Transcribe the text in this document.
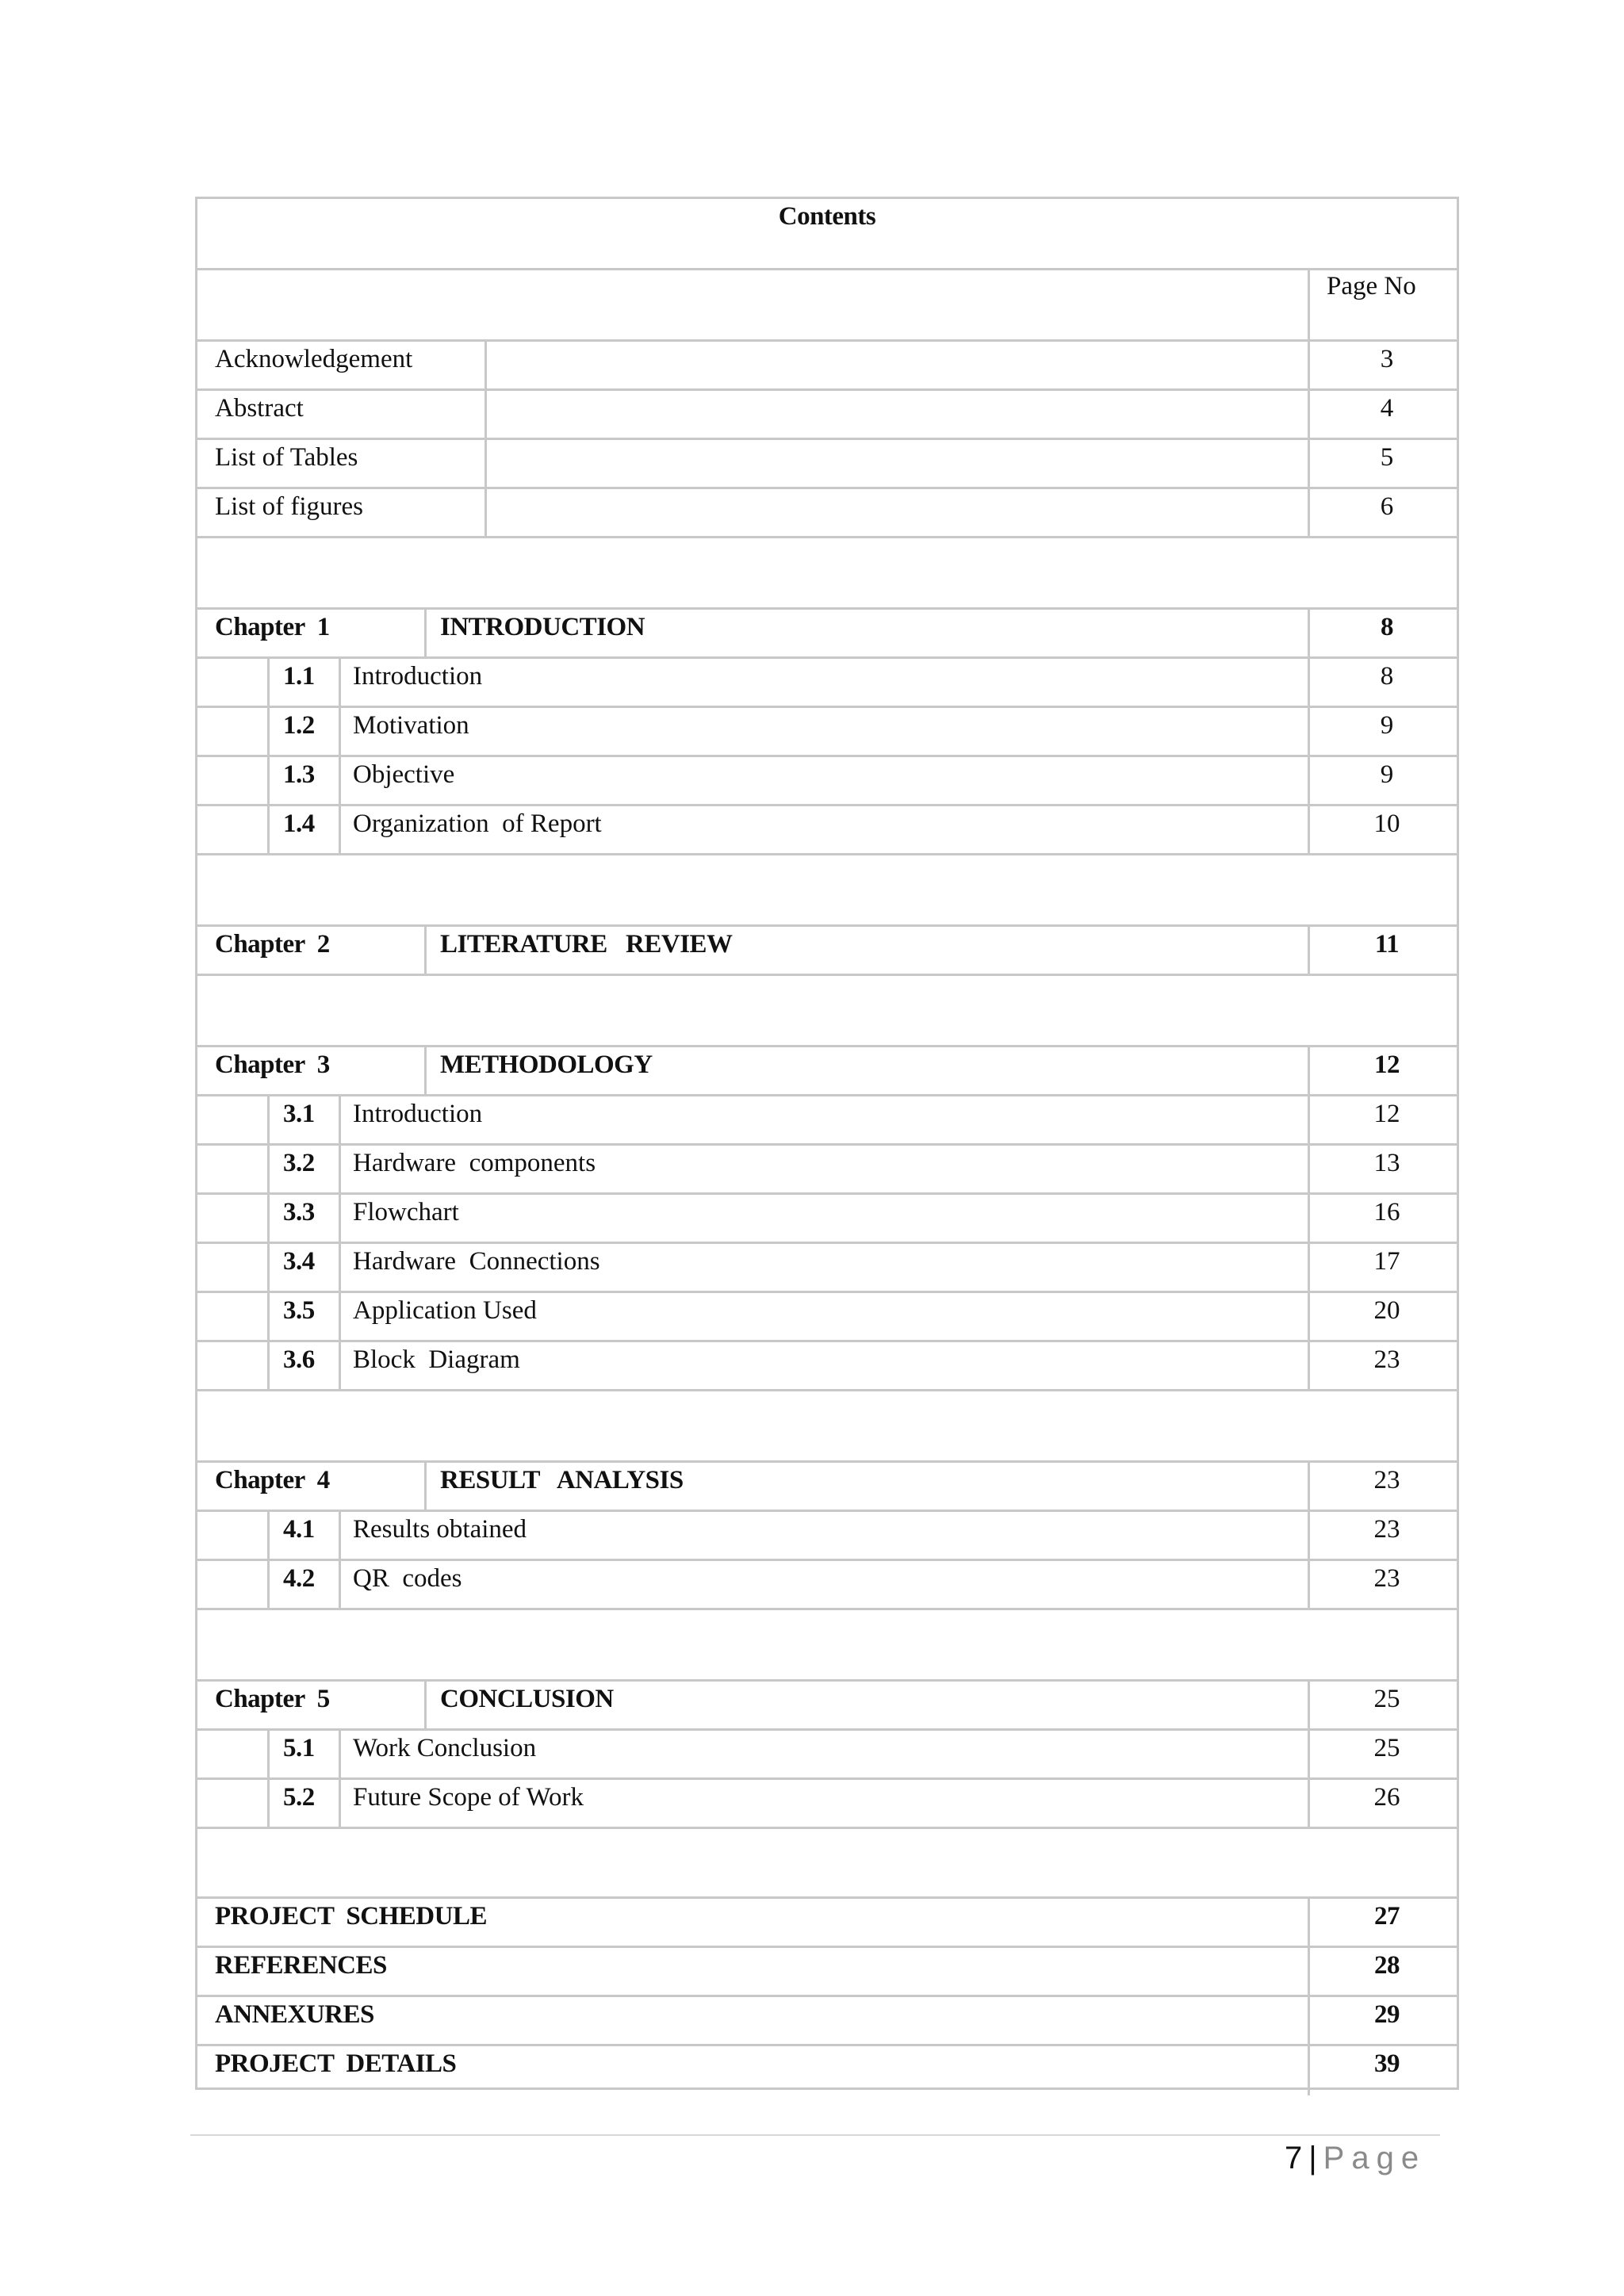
Contents
Page No
Acknowledgement	3
Abstract	4
List of Tables	5
List of figures	6
Chapter  1	INTRODUCTION	8
1.1 Introduction	8
1.2 Motivation	9
1.3 Objective	9
1.4 Organization  of Report	10
Chapter  2	LITERATURE   REVIEW	11
Chapter  3	METHODOLOGY	12
3.1 Introduction	12
3.2 Hardware  components	13
3.3 Flowchart	16
3.4 Hardware  Connections	17
3.5 Application Used	20
3.6 Block  Diagram	23
Chapter  4	RESULT   ANALYSIS	23
4.1 Results obtained	23
4.2 QR  codes	23
Chapter  5	CONCLUSION	25
5.1 Work Conclusion	25
5.2 Future Scope of Work	26
PROJECT  SCHEDULE	27
REFERENCES	28
ANNEXURES	29
PROJECT  DETAILS	39
7 | Page
